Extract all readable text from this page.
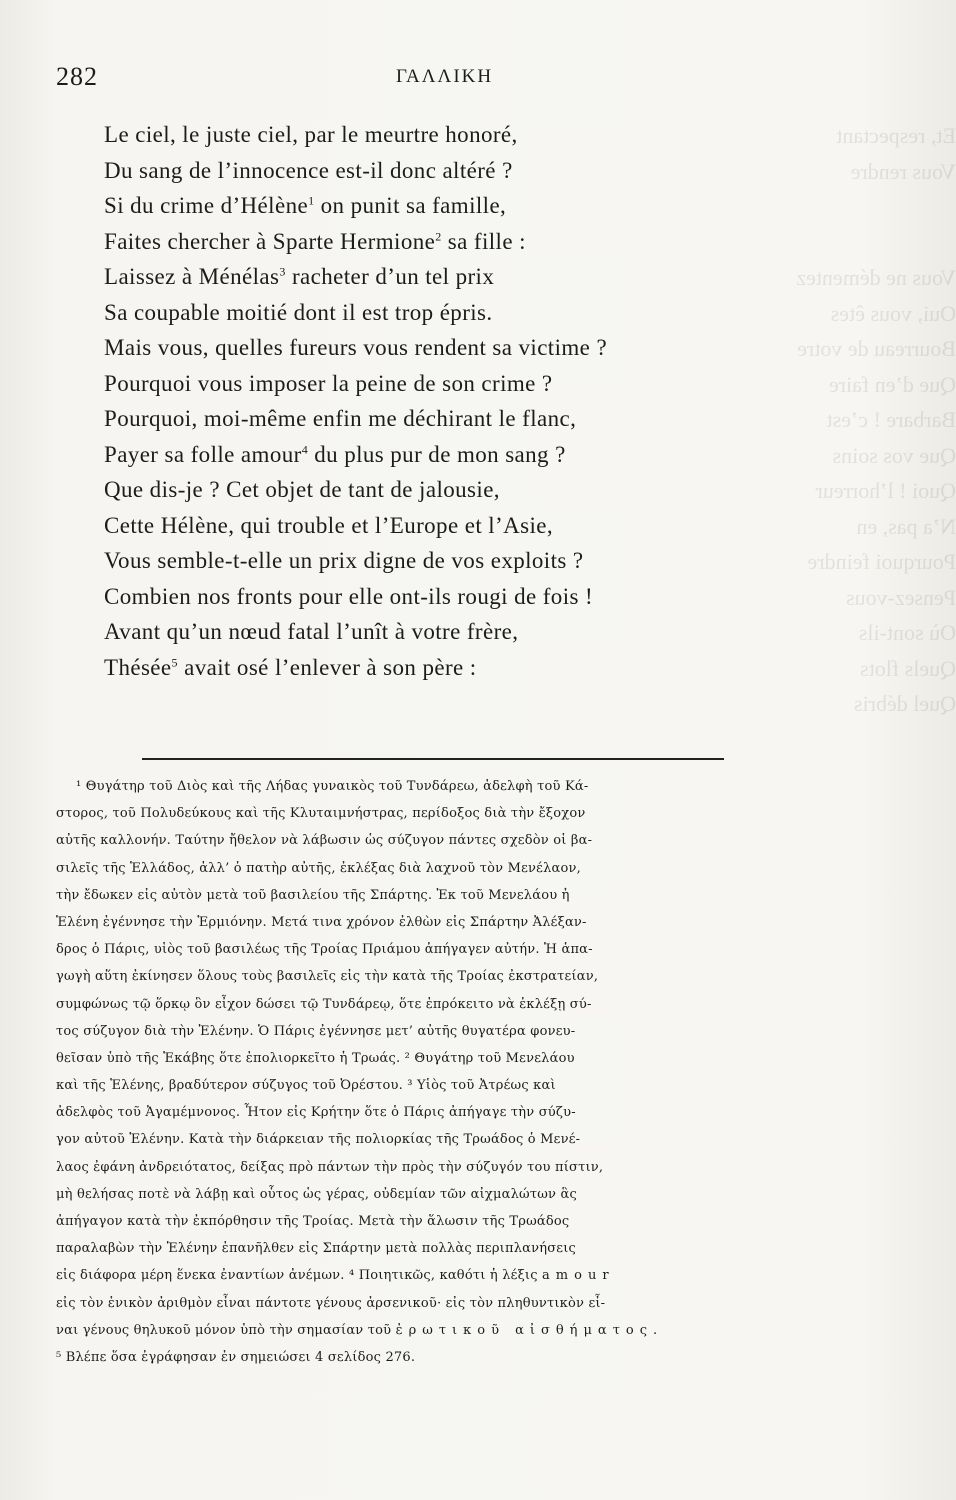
Et, respectant
Vous rendre
Vous ne démentez
Oui, vous êtes
Bourreau de votre
Que d’en faire
Barbare ! c’est
Que vos soins
Quoi ! l’horreur
N’a pas, en
Pourquoi feindre
Pensez-vous
Où sont-ils
Quels flots
Quel débris
282	ΓΑΛΛΙΚΗ
Le ciel, le juste ciel, par le meurtre honoré,
Du sang de l’innocence est-il donc altéré ?
Si du crime d’Hélène$^1$ on punit sa famille,
Faites chercher à Sparte Hermione$^2$ sa fille :
Laissez à Ménélas$^3$ racheter d’un tel prix
Sa coupable moitié dont il est trop épris.
Mais vous, quelles fureurs vous rendent sa victime ?
Pourquoi vous imposer la peine de son crime ?
Pourquoi, moi-même enfin me déchirant le flanc,
Payer sa folle amour$^4$ du plus pur de mon sang ?
Que dis-je ? Cet objet de tant de jalousie,
Cette Hélène, qui trouble et l’Europe et l’Asie,
Vous semble-t-elle un prix digne de vos exploits ?
Combien nos fronts pour elle ont-ils rougi de fois !
Avant qu’un nœud fatal l’unît à votre frère,
Thésée$^5$ avait osé l’enlever à son père :
¹ Θυγάτηρ τοῦ Διὸς καὶ τῆς Λήδας γυναικὸς τοῦ Τυνδάρεω, ἀδελφὴ τοῦ Κά-
στορος, τοῦ Πολυδεύκους καὶ τῆς Κλυταιμνήστρας, περίδοξος διὰ τὴν ἔξοχον
αὐτῆς καλλονήν. Ταύτην ἤθελον νὰ λάβωσιν ὡς σύζυγον πάντες σχεδὸν οἱ βα-
σιλεῖς τῆς Ἑλλάδος, ἀλλ’ ὁ πατὴρ αὐτῆς, ἐκλέξας διὰ λαχνοῦ τὸν Μενέλαον,
τὴν ἔδωκεν εἰς αὐτὸν μετὰ τοῦ βασιλείου τῆς Σπάρτης. Ἐκ τοῦ Μενελάου ἡ
Ἑλένη ἐγέννησε τὴν Ἑρμιόνην. Μετά τινα χρόνον ἐλθὼν εἰς Σπάρτην Ἀλέξαν-
δρος ὁ Πάρις, υἱὸς τοῦ βασιλέως τῆς Τροίας Πριάμου ἀπήγαγεν αὐτήν. Ἡ ἁπα-
γωγὴ αὕτη ἐκίνησεν ὅλους τοὺς βασιλεῖς εἰς τὴν κατὰ τῆς Τροίας ἐκστρατείαν,
συμφώνως τῷ ὅρκῳ ὃν εἶχον δώσει τῷ Τυνδάρεῳ, ὅτε ἐπρόκειτο νὰ ἐκλέξῃ σύ-
τος σύζυγον διὰ τὴν Ἑλένην. Ὁ Πάρις ἐγέννησε μετ’ αὐτῆς θυγατέρα φονευ-
θεῖσαν ὑπὸ τῆς Ἑκάβης ὅτε ἐπολιορκεῖτο ἡ Τρωάς. ² Θυγάτηρ τοῦ Μενελάου
καὶ τῆς Ἑλένης, βραδύτερον σύζυγος τοῦ Ὀρέστου. ³ Υἱὸς τοῦ Ἀτρέως καὶ
ἀδελφὸς τοῦ Ἀγαμέμνονος. Ἦτον εἰς Κρήτην ὅτε ὁ Πάρις ἀπήγαγε τὴν σύζυ-
γον αὐτοῦ Ἑλένην. Κατὰ τὴν διάρκειαν τῆς πολιορκίας τῆς Τρωάδος ὁ Μενέ-
λαος ἐφάνη ἀνδρειότατος, δείξας πρὸ πάντων τὴν πρὸς τὴν σύζυγόν του πίστιν,
μὴ θελήσας ποτὲ νὰ λάβῃ καὶ οὗτος ὡς γέρας, οὐδεμίαν τῶν αἰχμαλώτων ἃς
ἀπήγαγον κατὰ τὴν ἐκπόρθησιν τῆς Τροίας. Μετὰ τὴν ἅλωσιν τῆς Τρωάδος
παραλαβὼν τὴν Ἑλένην ἐπανῆλθεν εἰς Σπάρτην μετὰ πολλὰς περιπλανήσεις
εἰς διάφορα μέρη ἕνεκα ἐναντίων ἀνέμων. ⁴ Ποιητικῶς, καθότι ἡ λέξις amour
εἰς τὸν ἑνικὸν ἀριθμὸν εἶναι πάντοτε γένους ἀρσενικοῦ· εἰς τὸν πληθυντικὸν εἶ-
ναι γένους θηλυκοῦ μόνον ὑπὸ τὴν σημασίαν τοῦ ἐρωτικοῦ αἰσθήματος.
⁵ Βλέπε ὅσα ἐγράφησαν ἐν σημειώσει 4 σελίδος 276.
